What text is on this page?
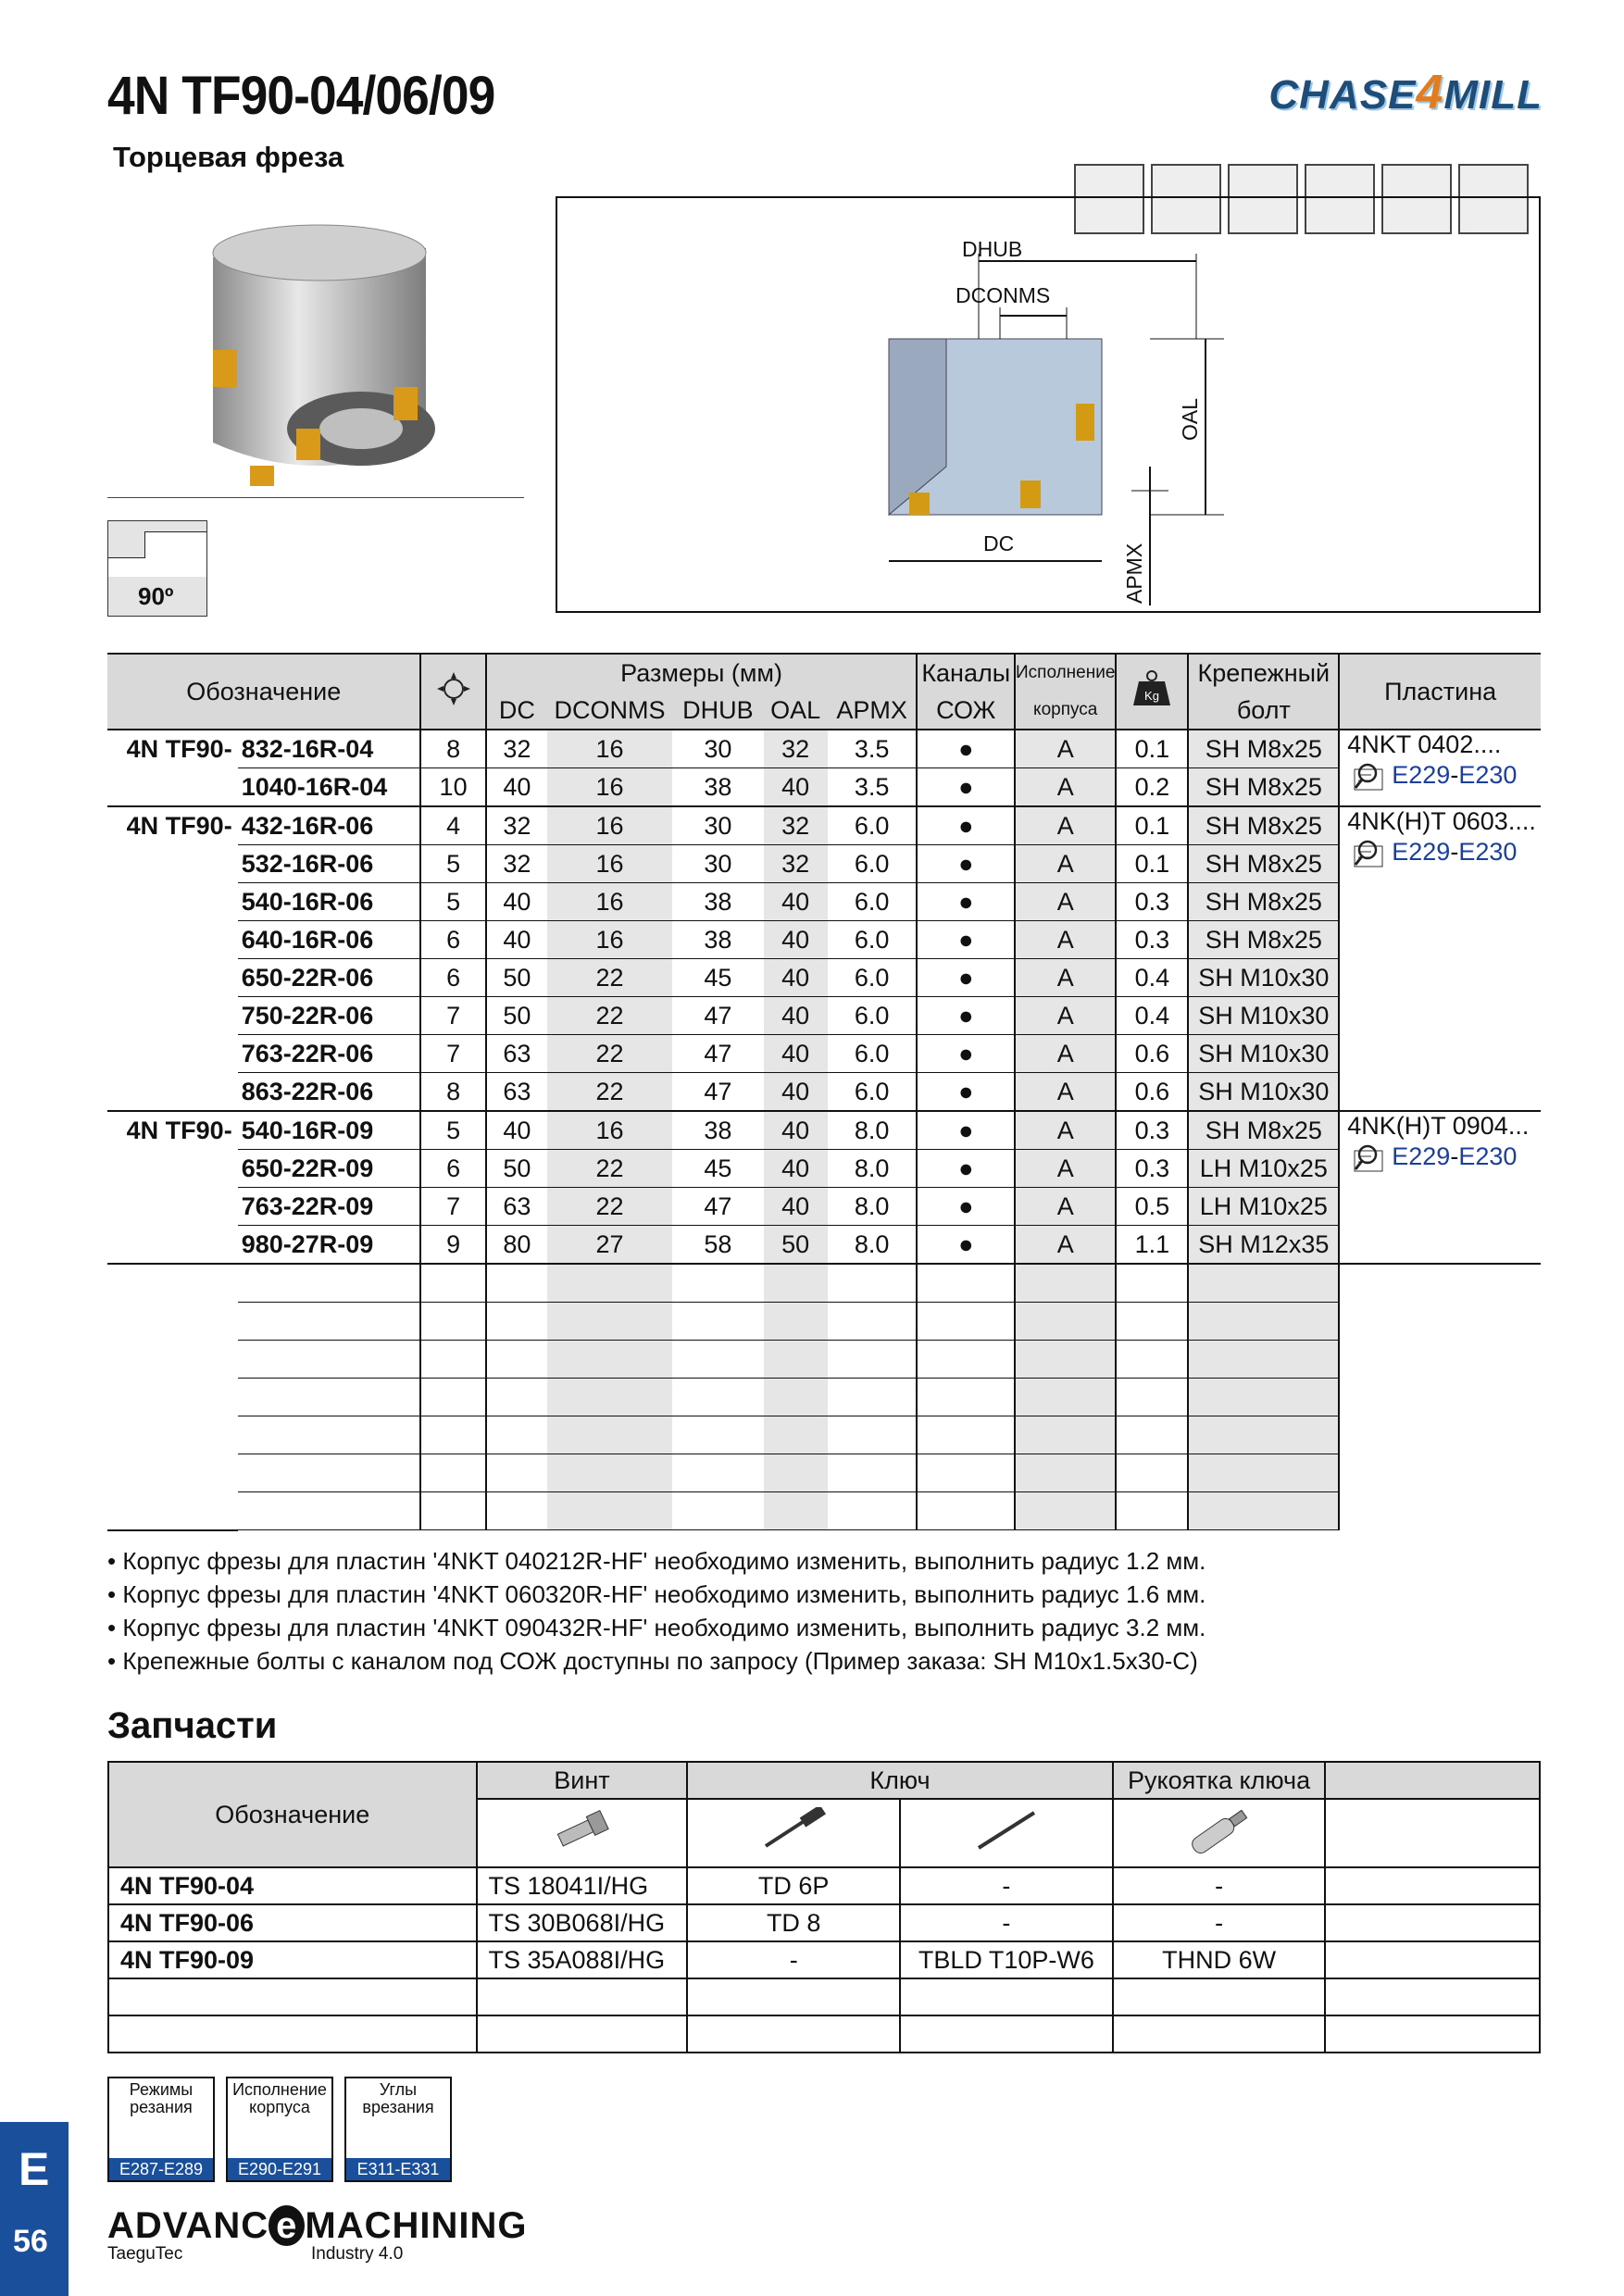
4N TF90-04/06/09
Торцевая фреза
CHASE4MILL
90º
DHUB
DCONMS
OAL
DC	APMX
Обозначение			Размеры (мм)					Каналы	Исполнение	Kg	Крепежный	Пластина
			DC	DCONMS	DHUB	OAL	APMX	СОЖ	корпуса		болт	
4N TF90-	832-16R-04	8	32	16	30	32	3.5	●	A	0.1	SH M8x25	4NKT 0402....
E229-E230

	1040-16R-04	10	40	16	38	40	3.5	●	A	0.2	SH M8x25	
4N TF90-	432-16R-06	4	32	16	30	32	6.0	●	A	0.1	SH M8x25	4NK(H)T 0603....
E229-E230

	532-16R-06	5	32	16	30	32	6.0	●	A	0.1	SH M8x25	
	540-16R-06	5	40	16	38	40	6.0	●	A	0.3	SH M8x25	
	640-16R-06	6	40	16	38	40	6.0	●	A	0.3	SH M8x25	
	650-22R-06	6	50	22	45	40	6.0	●	A	0.4	SH M10x30	
	750-22R-06	7	50	22	47	40	6.0	●	A	0.4	SH M10x30	
	763-22R-06	7	63	22	47	40	6.0	●	A	0.6	SH M10x30	
	863-22R-06	8	63	22	47	40	6.0	●	A	0.6	SH M10x30	
4N TF90-	540-16R-09	5	40	16	38	40	8.0	●	A	0.3	SH M8x25	4NK(H)T 0904...
E229-E230

	650-22R-09	6	50	22	45	40	8.0	●	A	0.3	LH M10x25	
	763-22R-09	7	63	22	47	40	8.0	●	A	0.5	LH M10x25	
	980-27R-09	9	80	27	58	50	8.0	●	A	1.1	SH M12x35	

• Корпус фрезы для пластин '4NKT 040212R-HF' необходимо изменить, выполнить радиус 1.2 мм.
• Корпус фрезы для пластин '4NKT 060320R-HF' необходимо изменить, выполнить радиус 1.6 мм.
• Корпус фрезы для пластин '4NKT 090432R-HF' необходимо изменить, выполнить радиус 3.2 мм.
• Крепежные болты с каналом под СОЖ доступны по запросу (Пример заказа: SH M10x1.5x30-C)
Запчасти
Обозначение	Винт	Ключ		Рукоятка ключа	

4N TF90-04	TS 18041I/HG	TD 6P	-	-	
4N TF90-06	TS 30B068I/HG	TD 8	-	-	
4N TF90-09	TS 35A088I/HG	-	TBLD T10P-W6	THND 6W	

Режимы
резания
E287-E289
Исполнение
корпуса
E290-E291
Углы
врезания
E311-E331
E
56 ADVANC e MACHINING
TaeguTec	Industry 4.0
